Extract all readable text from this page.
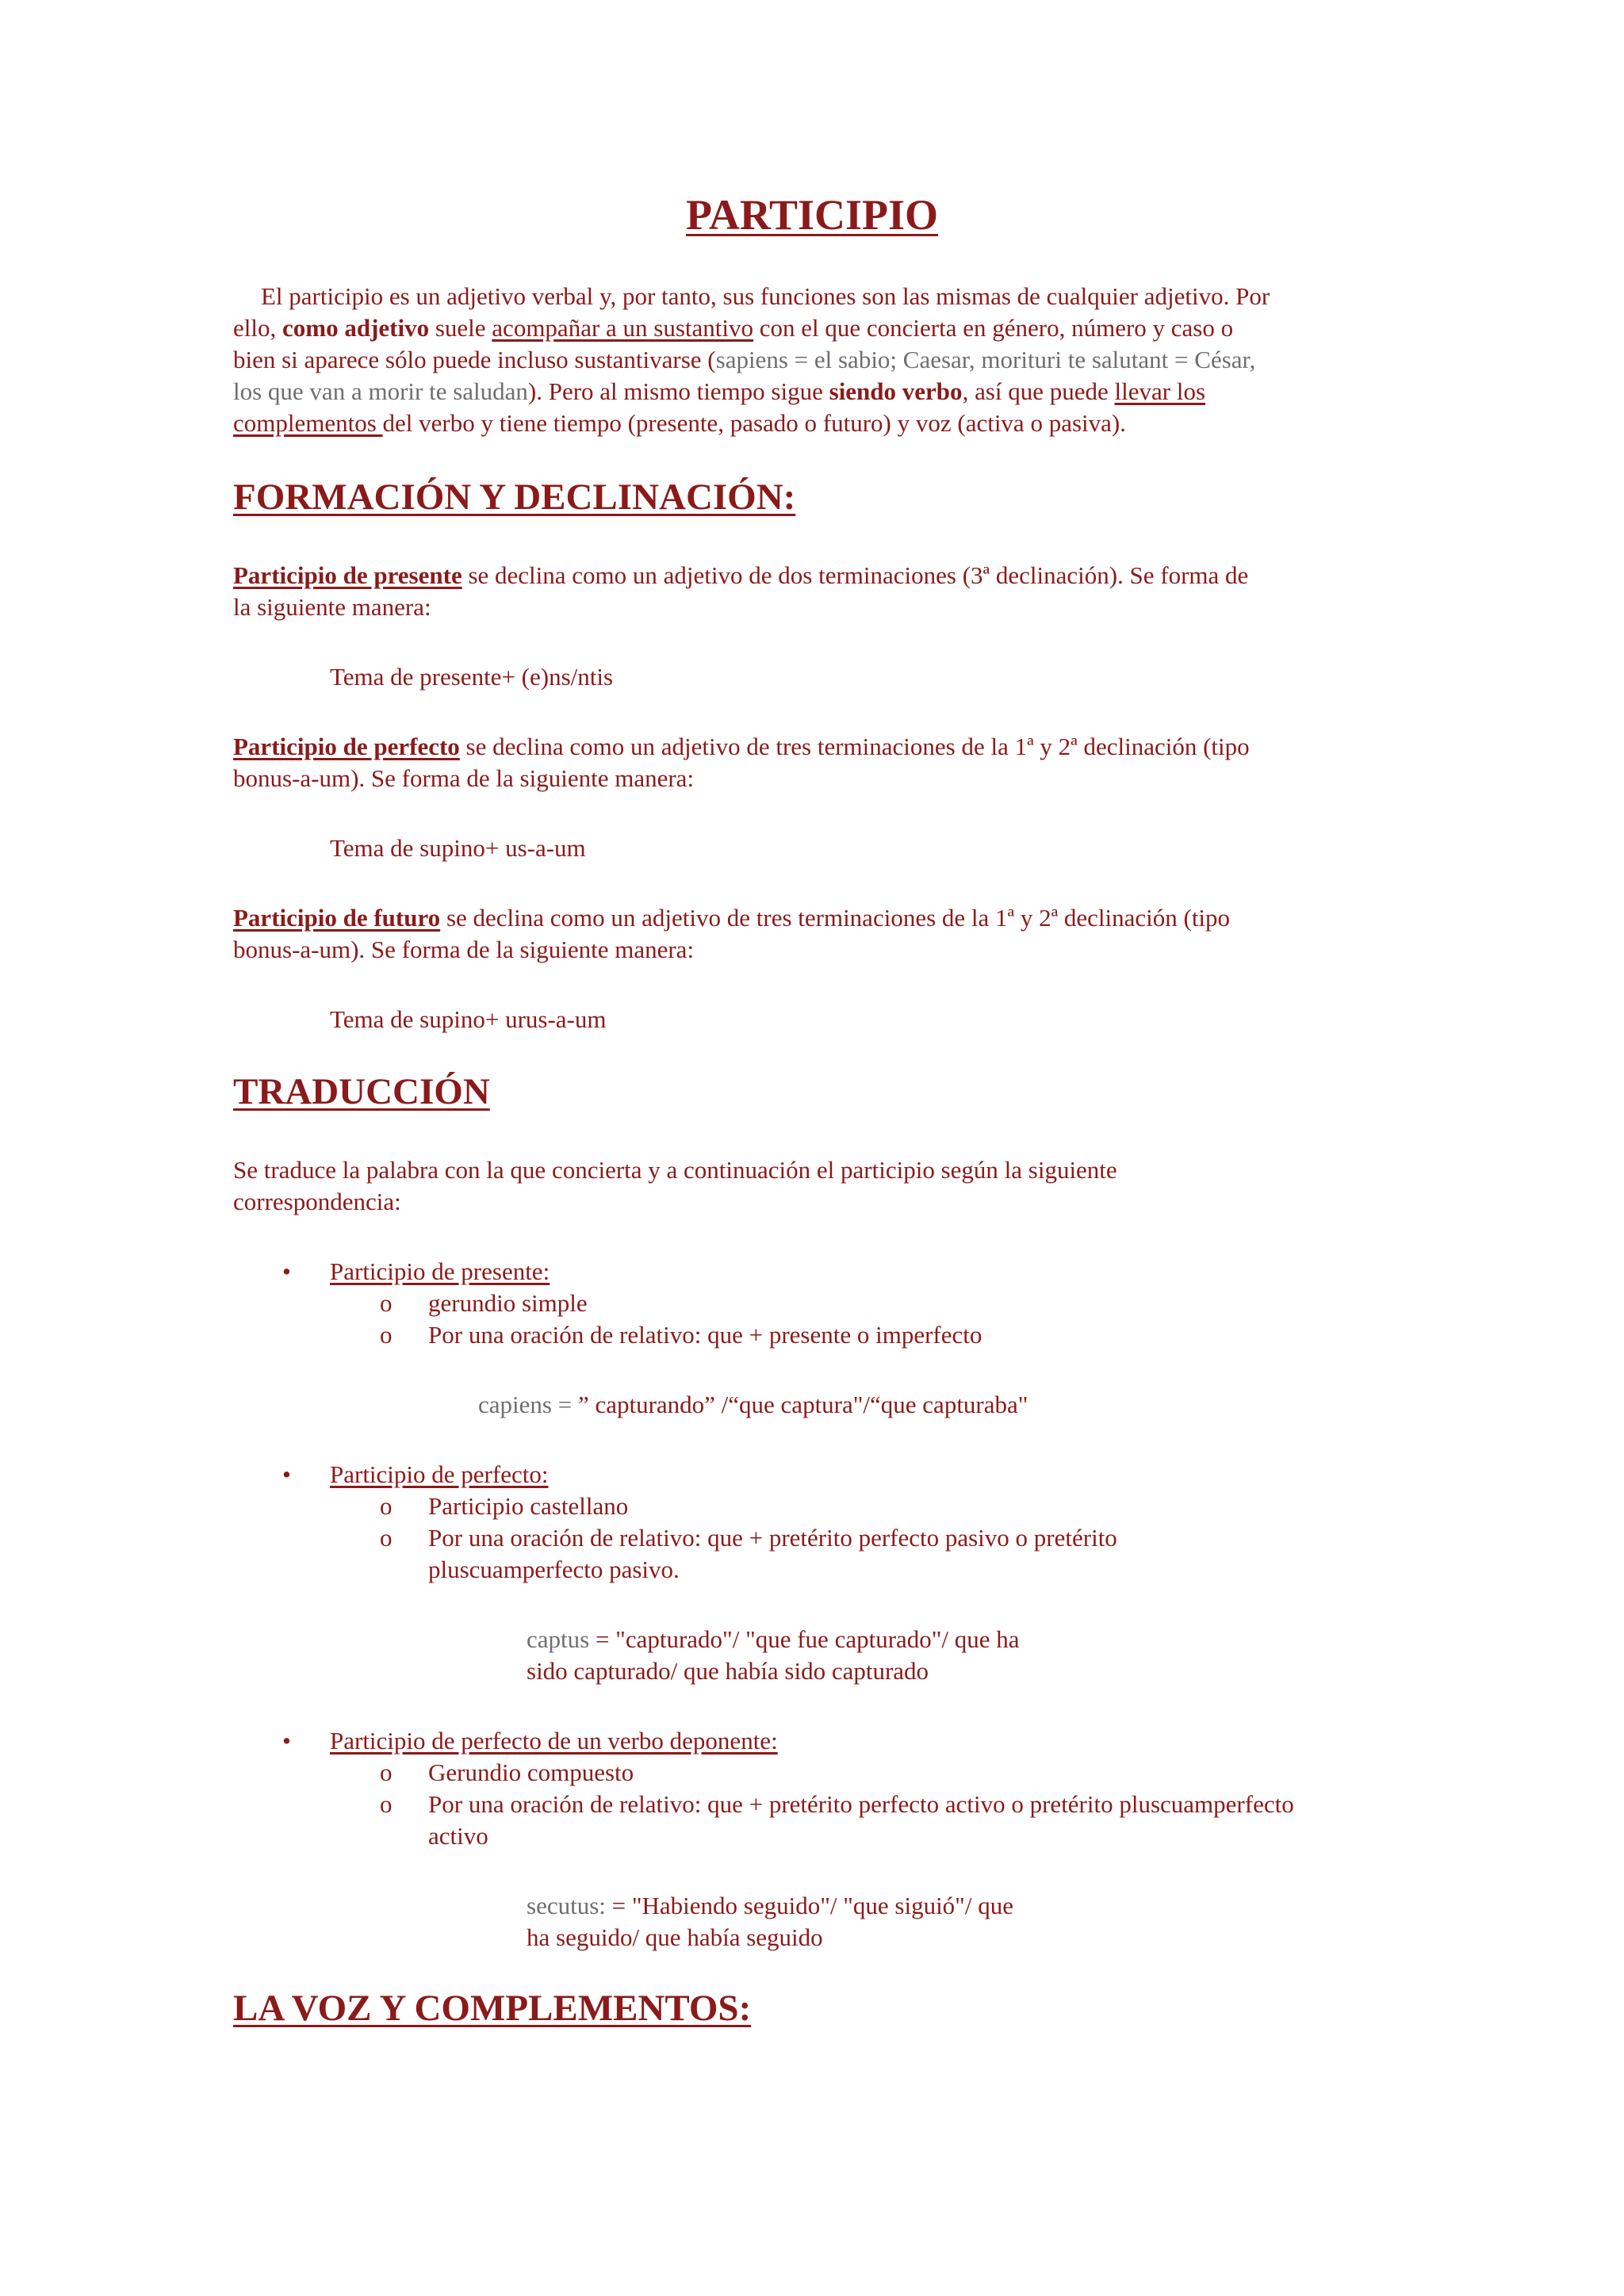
PARTICIPIO
El participio es un adjetivo verbal y, por tanto, sus funciones son las mismas de cualquier adjetivo. Por
ello, como adjetivo suele acompañar a un sustantivo con el que concierta en género, número y caso o
bien si aparece sólo puede incluso sustantivarse (sapiens = el sabio; Caesar, morituri te salutant = César,
los que van a morir te saludan). Pero al mismo tiempo sigue siendo verbo, así que puede llevar los
complementos del verbo y tiene tiempo (presente, pasado o futuro) y voz (activa o pasiva).
FORMACIÓN Y DECLINACIÓN:
Participio de presente se declina como un adjetivo de dos terminaciones (3ª declinación). Se forma de
la siguiente manera:
Tema de presente+ (e)ns/ntis
Participio de perfecto se declina como un adjetivo de tres terminaciones de la 1ª y 2ª declinación (tipo
bonus-a-um). Se forma de la siguiente manera:
Tema de supino+ us-a-um
Participio de futuro se declina como un adjetivo de tres terminaciones de la 1ª y 2ª declinación (tipo
bonus-a-um). Se forma de la siguiente manera:
Tema de supino+ urus-a-um
TRADUCCIÓN
Se traduce la palabra con la que concierta y a continuación el participio según la siguiente
correspondencia:
• Participio de presente:
o gerundio simple
o Por una oración de relativo: que + presente o imperfecto
capiens = ” capturando” /“que captura"/“que capturaba"
• Participio de perfecto:
o Participio castellano
o Por una oración de relativo: que + pretérito perfecto pasivo o pretérito
pluscuamperfecto pasivo.
captus = "capturado"/ "que fue capturado"/ que ha
sido capturado/ que había sido capturado
• Participio de perfecto de un verbo deponente:
o Gerundio compuesto
o Por una oración de relativo: que + pretérito perfecto activo o pretérito pluscuamperfecto
activo
secutus: = "Habiendo seguido"/ "que siguió"/ que
ha seguido/ que había seguido
LA VOZ Y COMPLEMENTOS:
